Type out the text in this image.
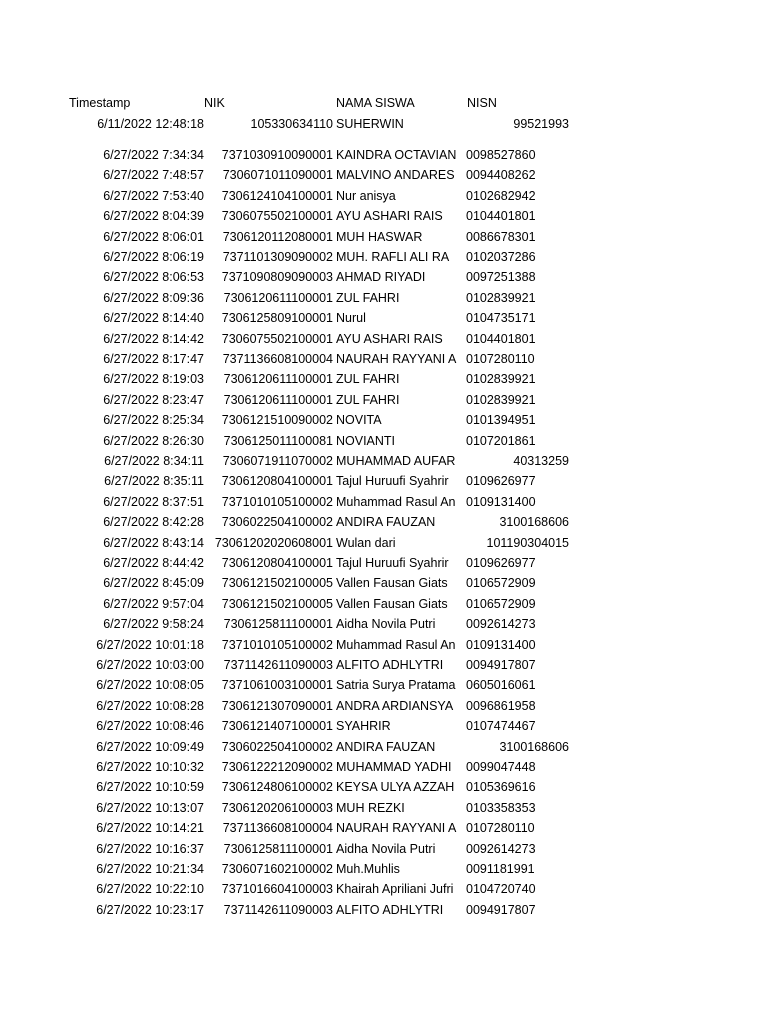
Timestamp	NIK	NAMA SISWA	NISN
6/11/2022 12:48:18	105330634110 SUHERWIN	99521993
6/27/2022 7:34:34	7371030910090001 KAINDRA OCTAVIAN 0098527860
6/27/2022 7:48:57	7306071011090001 MALVINO ANDARES 0094408262
6/27/2022 7:53:40	7306124104100001 Nur anisya	0102682942
6/27/2022 8:04:39	7306075502100001 AYU ASHARI RAIS	0104401801
6/27/2022 8:06:01	7306120112080001 MUH HASWAR	0086678301
6/27/2022 8:06:19	7371101309090002 MUH. RAFLI ALI RA	0102037286
6/27/2022 8:06:53	7371090809090003 AHMAD RIYADI	0097251388
6/27/2022 8:09:36	7306120611100001 ZUL FAHRI	0102839921
6/27/2022 8:14:40	7306125809100001 Nurul	0104735171
6/27/2022 8:14:42	7306075502100001 AYU ASHARI RAIS	0104401801
6/27/2022 8:17:47	7371136608100004 NAURAH RAYYANI A 0107280110
6/27/2022 8:19:03	7306120611100001 ZUL FAHRI	0102839921
6/27/2022 8:23:47	7306120611100001 ZUL FAHRI	0102839921
6/27/2022 8:25:34	7306121510090002 NOVITA	0101394951
6/27/2022 8:26:30	7306125011100081 NOVIANTI	0107201861
6/27/2022 8:34:11	7306071911070002 MUHAMMAD AUFAR	40313259
6/27/2022 8:35:11	7306120804100001 Tajul Huruufi Syahrir	0109626977
6/27/2022 8:37:51	7371010105100002 Muhammad Rasul An 0109131400
6/27/2022 8:42:28	7306022504100002 ANDIRA FAUZAN	3100168606
6/27/2022 8:43:14 73061202020608001 Wulan dari	101190304015
6/27/2022 8:44:42	7306120804100001 Tajul Huruufi Syahrir	0109626977
6/27/2022 8:45:09	7306121502100005 Vallen Fausan Giats	0106572909
6/27/2022 9:57:04	7306121502100005 Vallen Fausan Giats	0106572909
6/27/2022 9:58:24	7306125811100001 Aidha Novila Putri	0092614273
6/27/2022 10:01:18	7371010105100002 Muhammad Rasul An 0109131400
6/27/2022 10:03:00	7371142611090003 ALFITO ADHLYTRI	0094917807
6/27/2022 10:08:05	7371061003100001 Satria Surya Pratama 0605016061
6/27/2022 10:08:28	7306121307090001 ANDRA ARDIANSYA	0096861958
6/27/2022 10:08:46	7306121407100001 SYAHRIR	0107474467
6/27/2022 10:09:49	7306022504100002 ANDIRA FAUZAN	3100168606
6/27/2022 10:10:32	7306122212090002 MUHAMMAD YADHI	0099047448
6/27/2022 10:10:59	7306124806100002 KEYSA ULYA AZZAH 0105369616
6/27/2022 10:13:07	7306120206100003 MUH REZKI	0103358353
6/27/2022 10:14:21	7371136608100004 NAURAH RAYYANI A 0107280110
6/27/2022 10:16:37	7306125811100001 Aidha Novila Putri	0092614273
6/27/2022 10:21:34	7306071602100002 Muh.Muhlis	0091181991
6/27/2022 10:22:10	7371016604100003 Khairah Apriliani Jufri	0104720740
6/27/2022 10:23:17	7371142611090003 ALFITO ADHLYTRI	0094917807
